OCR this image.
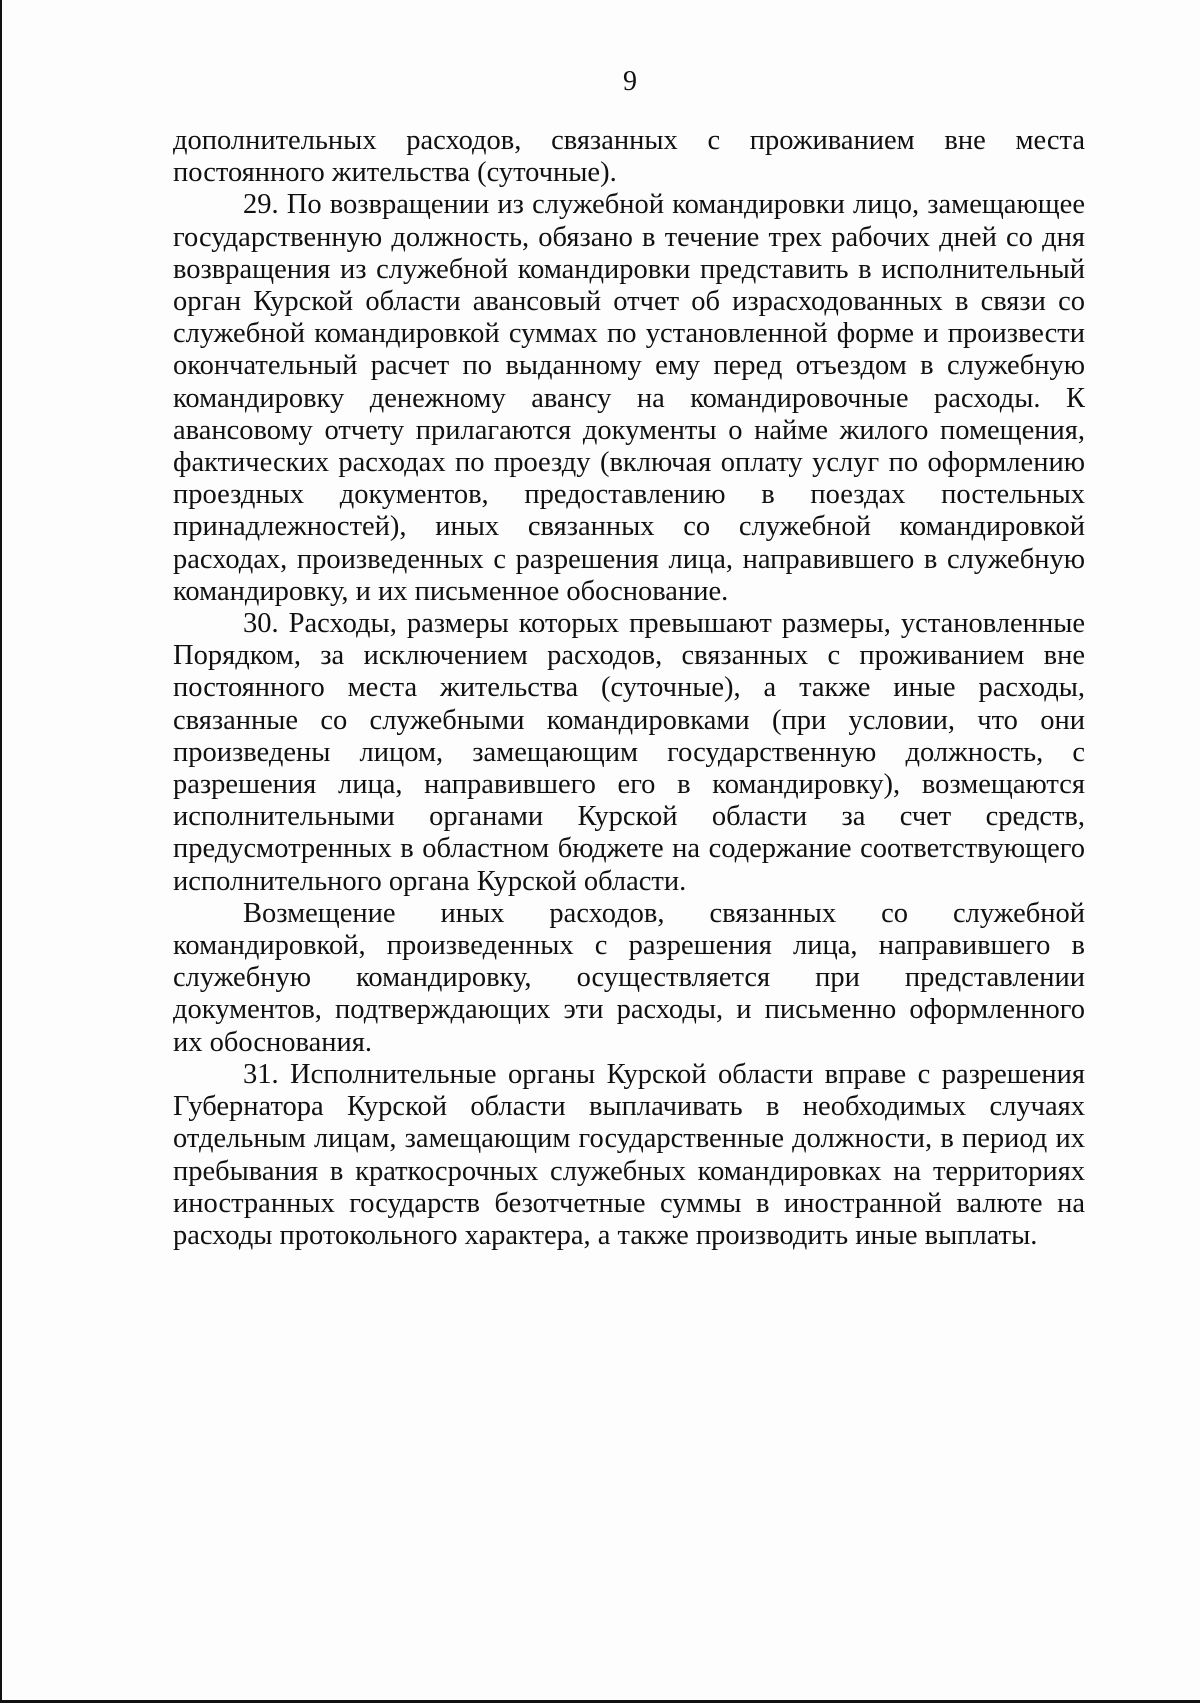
9

дополнительных расходов, связанных с проживанием вне места постоянного жительства (суточные).

29. По возвращении из служебной командировки лицо, замещающее государственную должность, обязано в течение трех рабочих дней со дня возвращения из служебной командировки представить в исполнительный орган Курской области авансовый отчет об израсходованных в связи со служебной командировкой суммах по установленной форме и произвести окончательный расчет по выданному ему перед отъездом в служебную командировку денежному авансу на командировочные расходы. К авансовому отчету прилагаются документы о найме жилого помещения, фактических расходах по проезду (включая оплату услуг по оформлению проездных документов, предоставлению в поездах постельных принадлежностей), иных связанных со служебной командировкой расходах, произведенных с разрешения лица, направившего в служебную командировку, и их письменное обоснование.

30. Расходы, размеры которых превышают размеры, установленные Порядком, за исключением расходов, связанных с проживанием вне постоянного места жительства (суточные), а также иные расходы, связанные со служебными командировками (при условии, что они произведены лицом, замещающим государственную должность, с разрешения лица, направившего его в командировку), возмещаются исполнительными органами Курской области за счет средств, предусмотренных в областном бюджете на содержание соответствующего исполнительного органа Курской области.

Возмещение иных расходов, связанных со служебной командировкой, произведенных с разрешения лица, направившего в служебную командировку, осуществляется при представлении документов, подтверждающих эти расходы, и письменно оформленного их обоснования.

31. Исполнительные органы Курской области вправе с разрешения Губернатора Курской области выплачивать в необходимых случаях отдельным лицам, замещающим государственные должности, в период их пребывания в краткосрочных служебных командировках на территориях иностранных государств безотчетные суммы в иностранной валюте на расходы протокольного характера, а также производить иные выплаты.
